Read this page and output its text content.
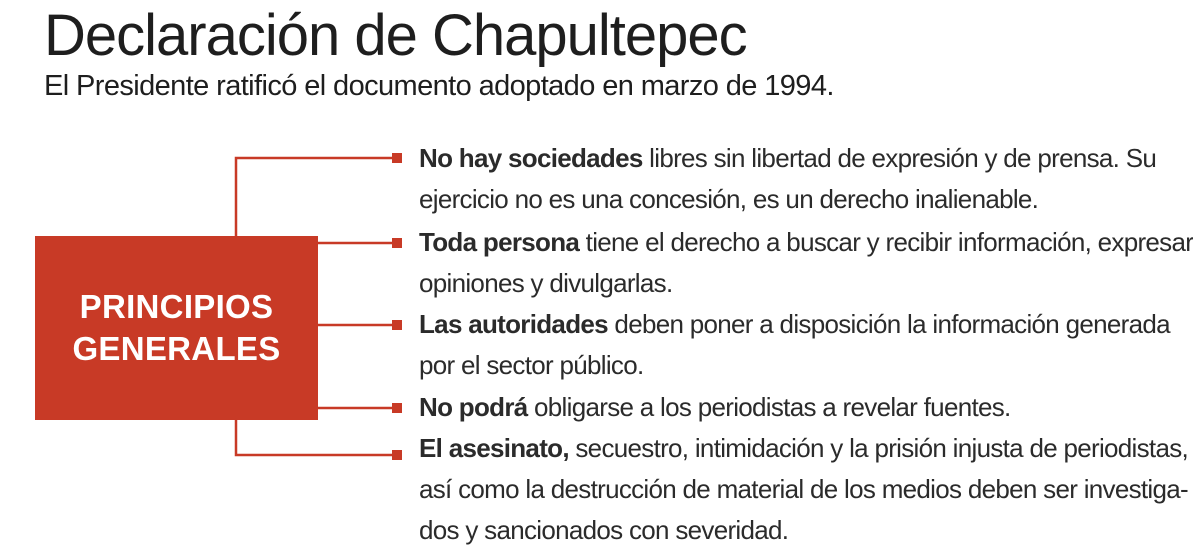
Declaración de Chapultepec
El Presidente ratificó el documento adoptado en marzo de 1994.
PRINCIPIOS
GENERALES
No hay sociedades libres sin libertad de expresión y de prensa. Su
ejercicio no es una concesión, es un derecho inalienable.
Toda persona tiene el derecho a buscar y recibir información, expresar
opiniones y divulgarlas.
Las autoridades deben poner a disposición la información generada
por el sector público.
No podrá obligarse a los periodistas a revelar fuentes.
El asesinato, secuestro, intimidación y la prisión injusta de periodistas,
así como la destrucción de material de los medios deben ser investiga-
dos y sancionados con severidad.
